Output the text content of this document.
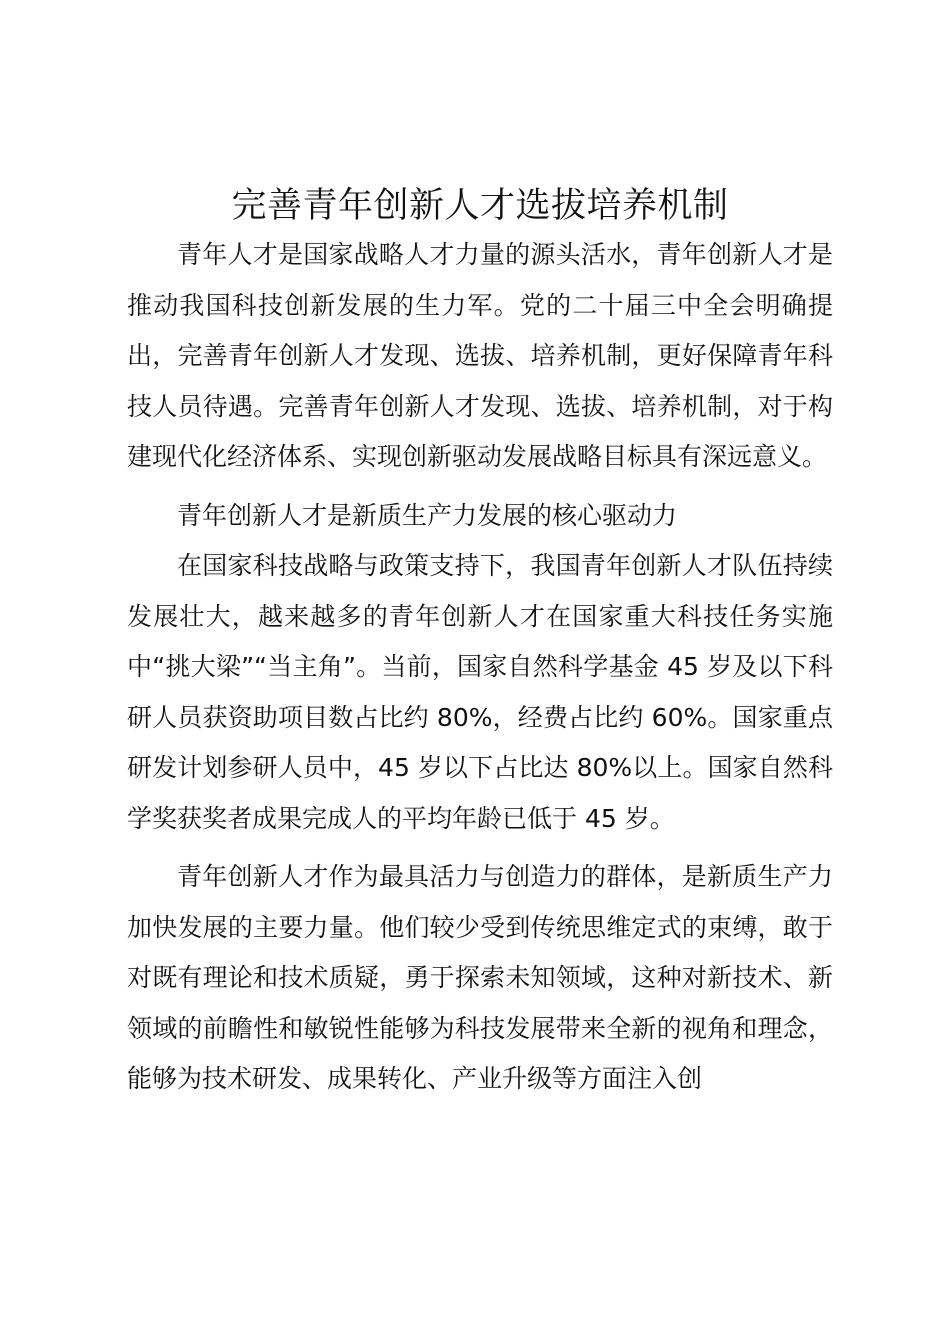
完善青年创新人才选拔培养机制

青年人才是国家战略人才力量的源头活水，青年创新人才是推动我国科技创新发展的生力军。党的二十届三中全会明确提出，完善青年创新人才发现、选拔、培养机制，更好保障青年科技人员待遇。完善青年创新人才发现、选拔、培养机制，对于构建现代化经济体系、实现创新驱动发展战略目标具有深远意义。

青年创新人才是新质生产力发展的核心驱动力

在国家科技战略与政策支持下，我国青年创新人才队伍持续发展壮大，越来越多的青年创新人才在国家重大科技任务实施中“挑大梁”“当主角”。当前，国家自然科学基金 45 岁及以下科研人员获资助项目数占比约 80%，经费占比约 60%。国家重点研发计划参研人员中，45 岁以下占比达 80%以上。国家自然科学奖获奖者成果完成人的平均年龄已低于 45 岁。

青年创新人才作为最具活力与创造力的群体，是新质生产力加快发展的主要力量。他们较少受到传统思维定式的束缚，敢于对既有理论和技术质疑，勇于探索未知领域，这种对新技术、新领域的前瞻性和敏锐性能够为科技发展带来全新的视角和理念，能够为技术研发、成果转化、产业升级等方面注入创
